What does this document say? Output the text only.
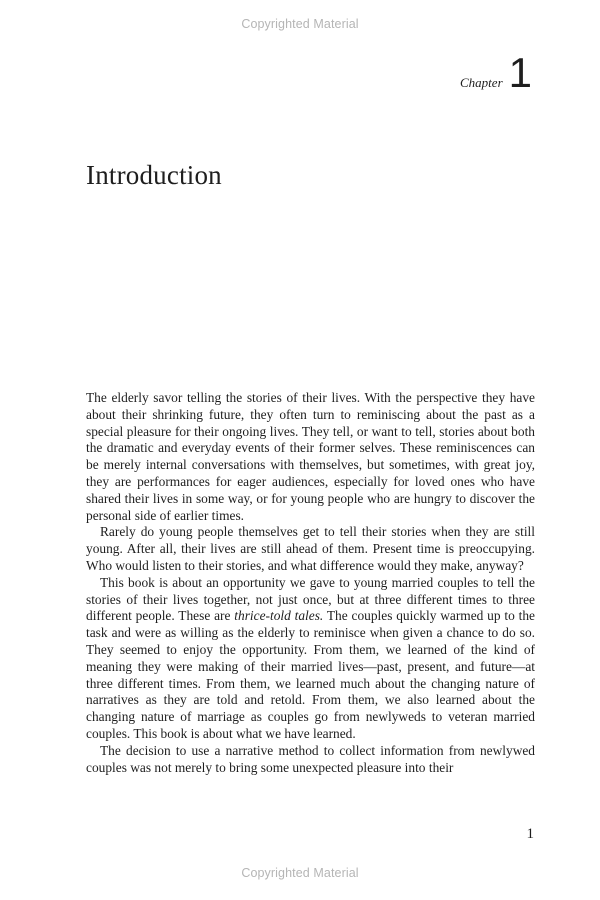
Copyrighted Material
Chapter 1
Introduction

The elderly savor telling the stories of their lives. With the perspective they have about their shrinking future, they often turn to reminiscing about the past as a special pleasure for their ongoing lives. They tell, or want to tell, stories about both the dramatic and everyday events of their former selves. These reminiscences can be merely internal conversations with themselves, but sometimes, with great joy, they are performances for eager audiences, especially for loved ones who have shared their lives in some way, or for young people who are hungry to discover the personal side of earlier times.

Rarely do young people themselves get to tell their stories when they are still young. After all, their lives are still ahead of them. Present time is preoccupying. Who would listen to their stories, and what difference would they make, anyway?

This book is about an opportunity we gave to young married couples to tell the stories of their lives together, not just once, but at three different times to three different people. These are thrice-told tales. The couples quickly warmed up to the task and were as willing as the elderly to reminisce when given a chance to do so. They seemed to enjoy the opportunity. From them, we learned of the kind of meaning they were making of their married lives—past, present, and future—at three different times. From them, we learned much about the changing nature of narratives as they are told and retold. From them, we also learned about the changing nature of marriage as couples go from newlyweds to veteran married couples. This book is about what we have learned.

The decision to use a narrative method to collect information from newlywed couples was not merely to bring some unexpected pleasure into their

1
Copyrighted Material
